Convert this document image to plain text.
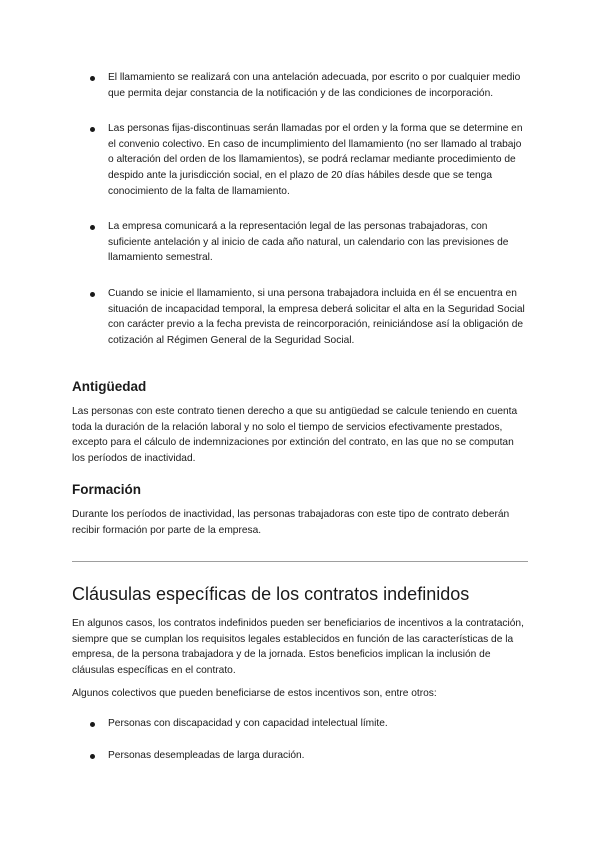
El llamamiento se realizará con una antelación adecuada, por escrito o por cualquier medio que permita dejar constancia de la notificación y de las condiciones de incorporación.
Las personas fijas-discontinuas serán llamadas por el orden y la forma que se determine en el convenio colectivo. En caso de incumplimiento del llamamiento (no ser llamado al trabajo o alteración del orden de los llamamientos), se podrá reclamar mediante procedimiento de despido ante la jurisdicción social, en el plazo de 20 días hábiles desde que se tenga conocimiento de la falta de llamamiento.
La empresa comunicará a la representación legal de las personas trabajadoras, con suficiente antelación y al inicio de cada año natural, un calendario con las previsiones de llamamiento semestral.
Cuando se inicie el llamamiento, si una persona trabajadora incluida en él se encuentra en situación de incapacidad temporal, la empresa deberá solicitar el alta en la Seguridad Social con carácter previo a la fecha prevista de reincorporación, reiniciándose así la obligación de cotización al Régimen General de la Seguridad Social.
Antigüedad

Las personas con este contrato tienen derecho a que su antigüedad se calcule teniendo en cuenta toda la duración de la relación laboral y no solo el tiempo de servicios efectivamente prestados, excepto para el cálculo de indemnizaciones por extinción del contrato, en las que no se computan los períodos de inactividad.

Formación

Durante los períodos de inactividad, las personas trabajadoras con este tipo de contrato deberán recibir formación por parte de la empresa.

Cláusulas específicas de los contratos indefinidos

En algunos casos, los contratos indefinidos pueden ser beneficiarios de incentivos a la contratación, siempre que se cumplan los requisitos legales establecidos en función de las características de la empresa, de la persona trabajadora y de la jornada. Estos beneficios implican la inclusión de cláusulas específicas en el contrato.

Algunos colectivos que pueden beneficiarse de estos incentivos son, entre otros:

Personas con discapacidad y con capacidad intelectual límite.
Personas desempleadas de larga duración.
